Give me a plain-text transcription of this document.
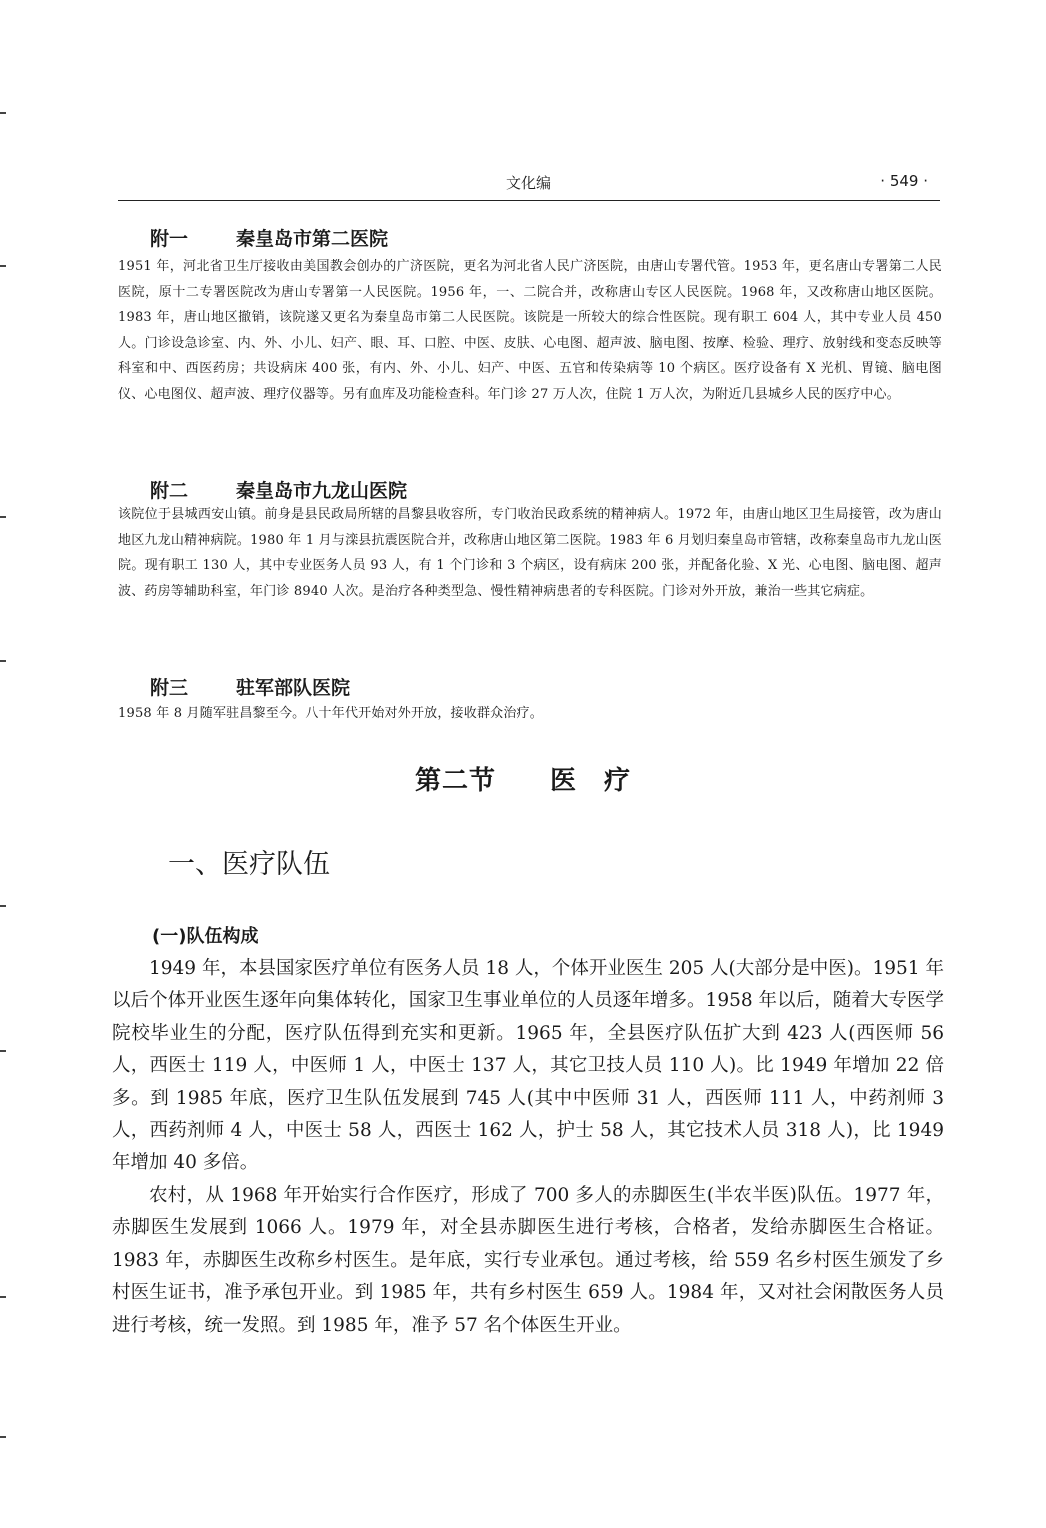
文化编	· 549 ·
附一	秦皇岛市第二医院
1951 年，河北省卫生厅接收由美国教会创办的广济医院，更名为河北省人民广济医院，由唐山专署代管。1953 年，更名唐山专署第二人民医院，原十二专署医院改为唐山专署第一人民医院。1956 年，一、二院合并，改称唐山专区人民医院。1968 年，又改称唐山地区医院。1983 年，唐山地区撤销，该院遂又更名为秦皇岛市第二人民医院。该院是一所较大的综合性医院。现有职工 604 人，其中专业人员 450 人。门诊设急诊室、内、外、小儿、妇产、眼、耳、口腔、中医、皮肤、心电图、超声波、脑电图、按摩、检验、理疗、放射线和变态反映等科室和中、西医药房；共设病床 400 张，有内、外、小儿、妇产、中医、五官和传染病等 10 个病区。医疗设备有 X 光机、胃镜、脑电图仪、心电图仪、超声波、理疗仪器等。另有血库及功能检查科。年门诊 27 万人次，住院 1 万人次，为附近几县城乡人民的医疗中心。
附二	秦皇岛市九龙山医院
该院位于县城西安山镇。前身是县民政局所辖的昌黎县收容所，专门收治民政系统的精神病人。1972 年，由唐山地区卫生局接管，改为唐山地区九龙山精神病院。1980 年 1 月与滦县抗震医院合并，改称唐山地区第二医院。1983 年 6 月划归秦皇岛市管辖，改称秦皇岛市九龙山医院。现有职工 130 人，其中专业医务人员 93 人，有 1 个门诊和 3 个病区，设有病床 200 张，并配备化验、X 光、心电图、脑电图、超声波、药房等辅助科室，年门诊 8940 人次。是治疗各种类型急、慢性精神病患者的专科医院。门诊对外开放，兼治一些其它病症。
附三	驻军部队医院
1958 年 8 月随军驻昌黎至今。八十年代开始对外开放，接收群众治疗。
第二节　　医　疗
一、医疗队伍
(一)队伍构成
1949 年，本县国家医疗单位有医务人员 18 人，个体开业医生 205 人(大部分是中医)。1951 年以后个体开业医生逐年向集体转化，国家卫生事业单位的人员逐年增多。1958 年以后，随着大专医学院校毕业生的分配，医疗队伍得到充实和更新。1965 年，全县医疗队伍扩大到 423 人(西医师 56 人，西医士 119 人，中医师 1 人，中医士 137 人，其它卫技人员 110 人)。比 1949 年增加 22 倍多。到 1985 年底，医疗卫生队伍发展到 745 人(其中中医师 31 人，西医师 111 人，中药剂师 3 人，西药剂师 4 人，中医士 58 人，西医士 162 人，护士 58 人，其它技术人员 318 人)，比 1949 年增加 40 多倍。
农村，从 1968 年开始实行合作医疗，形成了 700 多人的赤脚医生(半农半医)队伍。1977 年，赤脚医生发展到 1066 人。1979 年，对全县赤脚医生进行考核，合格者，发给赤脚医生合格证。1983 年，赤脚医生改称乡村医生。是年底，实行专业承包。通过考核，给 559 名乡村医生颁发了乡村医生证书，准予承包开业。到 1985 年，共有乡村医生 659 人。1984 年，又对社会闲散医务人员进行考核，统一发照。到 1985 年，准予 57 名个体医生开业。
